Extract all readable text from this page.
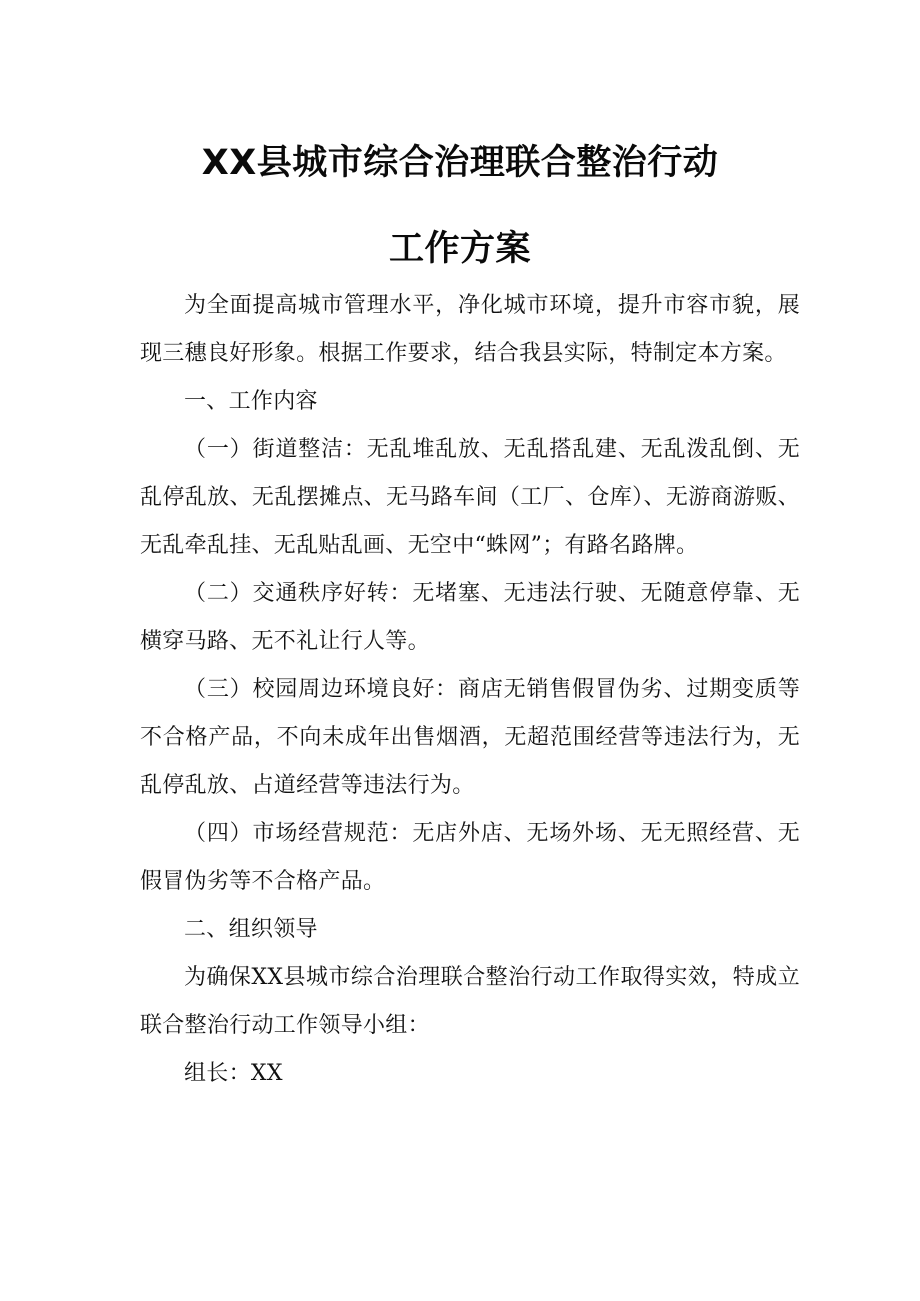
XX县城市综合治理联合整治行动
工作方案

为全面提高城市管理水平，净化城市环境，提升市容市貌，展现三穗良好形象。根据工作要求，结合我县实际，特制定本方案。

一、工作内容

（一）街道整洁：无乱堆乱放、无乱搭乱建、无乱泼乱倒、无乱停乱放、无乱摆摊点、无马路车间（工厂、仓库）、无游商游贩、无乱牵乱挂、无乱贴乱画、无空中“蛛网”；有路名路牌。

（二）交通秩序好转：无堵塞、无违法行驶、无随意停靠、无横穿马路、无不礼让行人等。

（三）校园周边环境良好：商店无销售假冒伪劣、过期变质等不合格产品，不向未成年出售烟酒，无超范围经营等违法行为，无乱停乱放、占道经营等违法行为。

（四）市场经营规范：无店外店、无场外场、无无照经营、无假冒伪劣等不合格产品。

二、组织领导

为确保XX县城市综合治理联合整治行动工作取得实效，特成立联合整治行动工作领导小组：

组长：XX
